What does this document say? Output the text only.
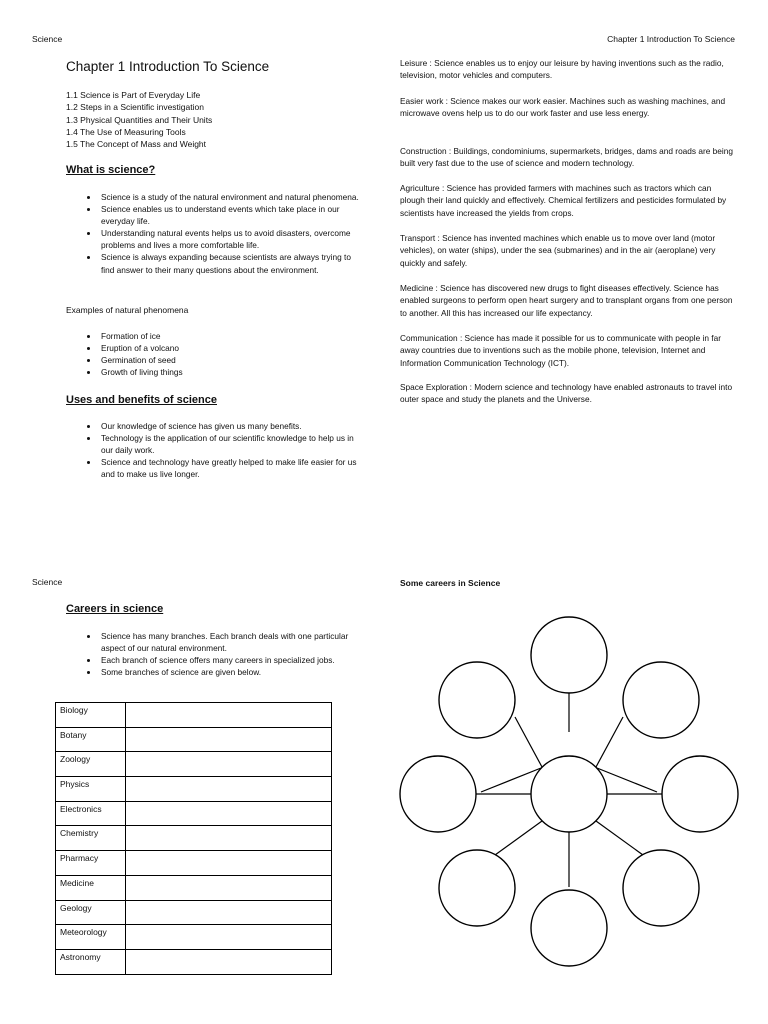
Science	Chapter 1 Introduction To Science
Chapter 1 Introduction To Science
1.1 Science is Part of Everyday Life
1.2 Steps in a Scientific investigation
1.3 Physical Quantities and Their Units
1.4 The Use of Measuring Tools
1.5 The Concept of Mass and Weight
What is science?
• Science is a study of the natural environment and natural phenomena.
• Science enables us to understand events which take place in our everyday life.
• Understanding natural events helps us to avoid disasters, overcome problems and lives a more comfortable life.
• Science is always expanding because scientists are always trying to find answer to their many questions about the environment.
Examples of natural phenomena
• Formation of ice
• Eruption of a volcano
• Germination of seed
• Growth of living things
Uses and benefits of science
• Our knowledge of science has given us many benefits.
• Technology is the application of our scientific knowledge to help us in our daily work.
• Science and technology have greatly helped to make life easier for us and to make us live longer.

Leisure : Science enables us to enjoy our leisure by having inventions such as the radio, television, motor vehicles and computers.

Easier work : Science makes our work easier. Machines such as washing machines, and microwave ovens help us to do our work faster and use less energy.

Construction : Buildings, condominiums, supermarkets, bridges, dams and roads are being built very fast due to the use of science and modern technology.

Agriculture : Science has provided farmers with machines such as tractors which can plough their land quickly and effectively. Chemical fertilizers and pesticides formulated by scientists have increased the yields from crops.

Transport : Science has invented machines which enable us to move over land (motor vehicles), on water (ships), under the sea (submarines) and in the air (aeroplane) very quickly and safely.

Medicine : Science has discovered new drugs to fight diseases effectively. Science has enabled surgeons to perform open heart surgery and to transplant organs from one person to another. All this has increased our life expectancy.

Communication : Science has made it possible for us to communicate with people in far away countries due to inventions such as the mobile phone, television, Internet and Information Communication Technology (ICT).

Space Exploration : Modern science and technology have enabled astronauts to travel into outer space and study the planets and the Universe.

Science
Careers in science
• Science has many branches. Each branch deals with one particular aspect of our natural environment.
• Each branch of science offers many careers in specialized jobs.
• Some branches of science are given below.
Biology	
Botany	
Zoology	
Physics	
Electronics	
Chemistry	
Pharmacy	
Medicine	
Geology	
Meteorology	
Astronomy	
Some careers in Science
